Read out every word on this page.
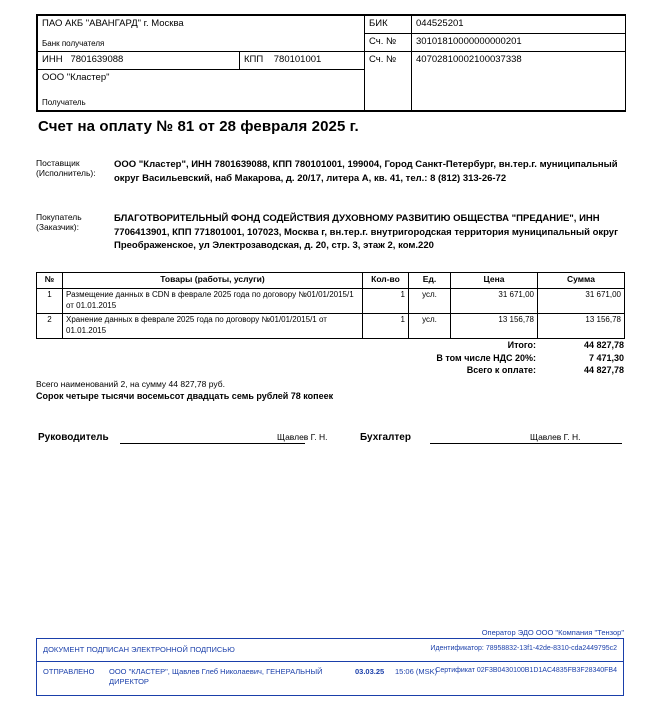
ПАО АКБ "АВАНГАРД" г. Москва
Банк получателя		БИК	044525201
		Сч. №	30101810000000000201
ИНН 7801639088	КПП 780101001	Сч. №	40702810002100037338

ООО "Кластер"
Получатель			
Счет на оплату № 81 от 28 февраля 2025 г.
Поставщик
(Исполнитель):
ООО "Кластер", ИНН 7801639088, КПП 780101001, 199004, Город Санкт-Петербург, вн.тер.г. муниципальный округ Васильевский, наб Макарова, д. 20/17, литера А, кв. 41, тел.: 8 (812) 313-26-72
Покупатель
(Заказчик):
БЛАГОТВОРИТЕЛЬНЫЙ ФОНД СОДЕЙСТВИЯ ДУХОВНОМУ РАЗВИТИЮ ОБЩЕСТВА "ПРЕДАНИЕ", ИНН 7706413901, КПП 771801001, 107023, Москва г, вн.тер.г. внутригородская территория муниципальный округ Преображенское, ул Электрозаводская, д. 20, стр. 3, этаж 2, ком.220
№	Товары (работы, услуги)	Кол-во	Ед.	Цена	Сумма
1	Размещение данных в CDN в феврале 2025 года по договору №01/01/2015/1 от 01.01.2015	1	усл.	31 671,00	31 671,00
2	Хранение данных в феврале 2025 года по договору №01/01/2015/1 от 01.01.2015	1	усл.	13 156,78	13 156,78
Итого:	44 827,78
В том числе НДС 20%:	7 471,30
Всего к оплате:	44 827,78
Всего наименований 2, на сумму 44 827,78 руб.
Сорок четыре тысячи восемьсот двадцать семь рублей 78 копеек
Руководитель	Щавлев Г. Н.	Бухгалтер	Щавлев Г. Н.
Оператор ЭДО ООО "Компания "Тензор"
ДОКУМЕНТ ПОДПИСАН ЭЛЕКТРОННОЙ ПОДПИСЬЮ	Идентификатор: 78958832-13f1-42de-8310-cda2449795c2
ОТПРАВЛЕНО ООО "КЛАСТЕР", Щавлев Глеб Николаевич, ГЕНЕРАЛЬНЫЙ ДИРЕКТОР
03.03.25 15:06 (MSK)
Сертификат 02F3B0430100B1D1AC4835FB3F28340FB4
